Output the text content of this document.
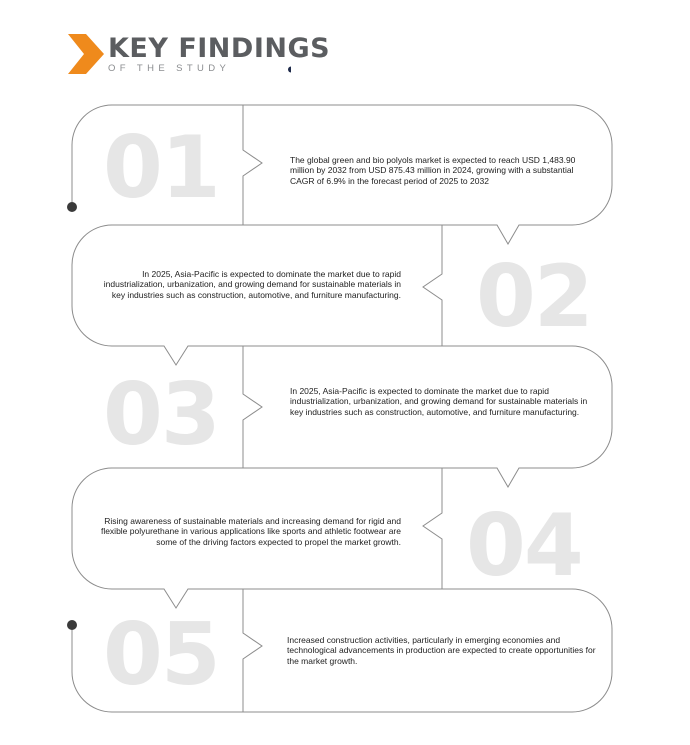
KEY FINDINGS
OF THE STUDY
01
02
03
04
05
The global green and bio polyols market is expected to reach USD 1,483.90 million by 2032 from USD 875.43 million in 2024, growing with a substantial CAGR of 6.9% in the forecast period of 2025 to 2032
In 2025, Asia-Pacific is expected to dominate the market due to rapid industrialization, urbanization, and growing demand for sustainable materials in key industries such as construction, automotive, and furniture manufacturing.
In 2025, Asia-Pacific is expected to dominate the market due to rapid industrialization, urbanization, and growing demand for sustainable materials in key industries such as construction, automotive, and furniture manufacturing.
Rising awareness of sustainable materials and increasing demand for rigid and flexible polyurethane in various applications like sports and athletic footwear are some of the driving factors expected to propel the market growth.
Increased construction activities, particularly in emerging economies and technological advancements in production are expected to create opportunities for the market growth.
